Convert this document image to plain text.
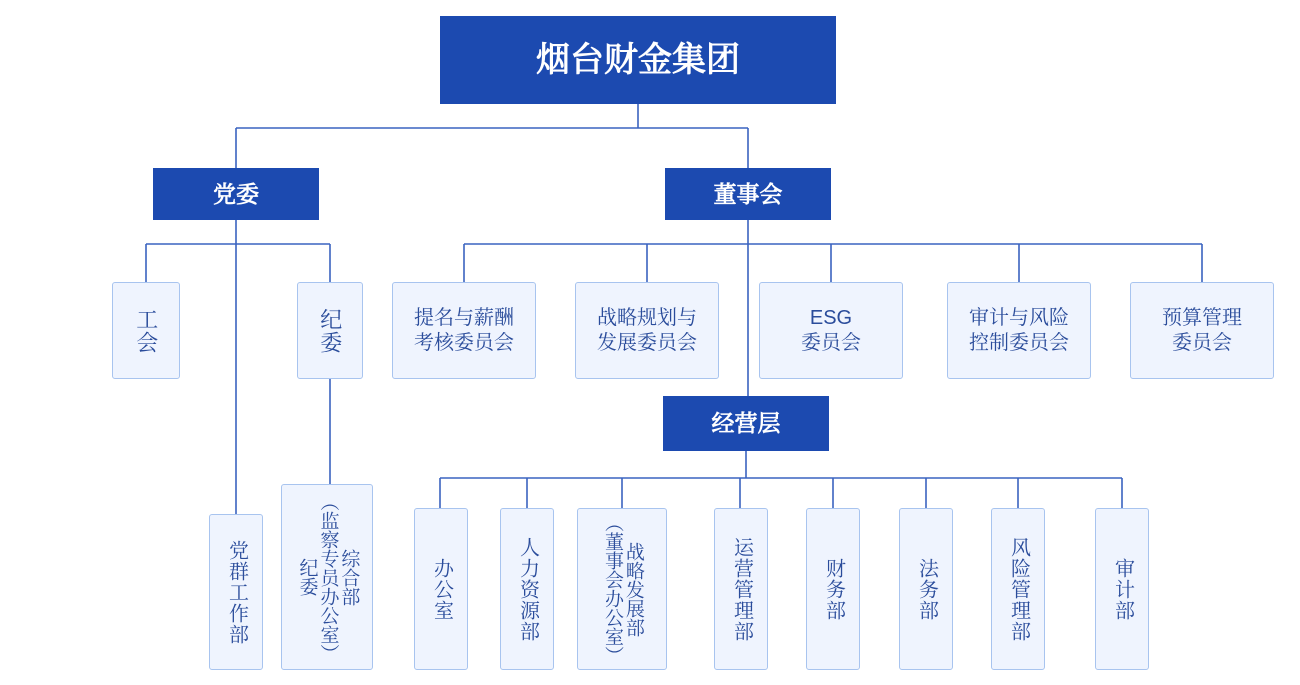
烟台财金集团
党委	董事会
工会	纪委	提名与薪酬
考核委员会
战略规划与
发展委员会
ESG
委员会
审计与风险
控制委员会
预算管理
委员会
经营层
党群工作部	综合部
（监察专员办公室）
纪委	办公室	人力资源部	战略发展部
（董事会办公室）	运营管理部	财务部	法务部	风险管理部	审计部
